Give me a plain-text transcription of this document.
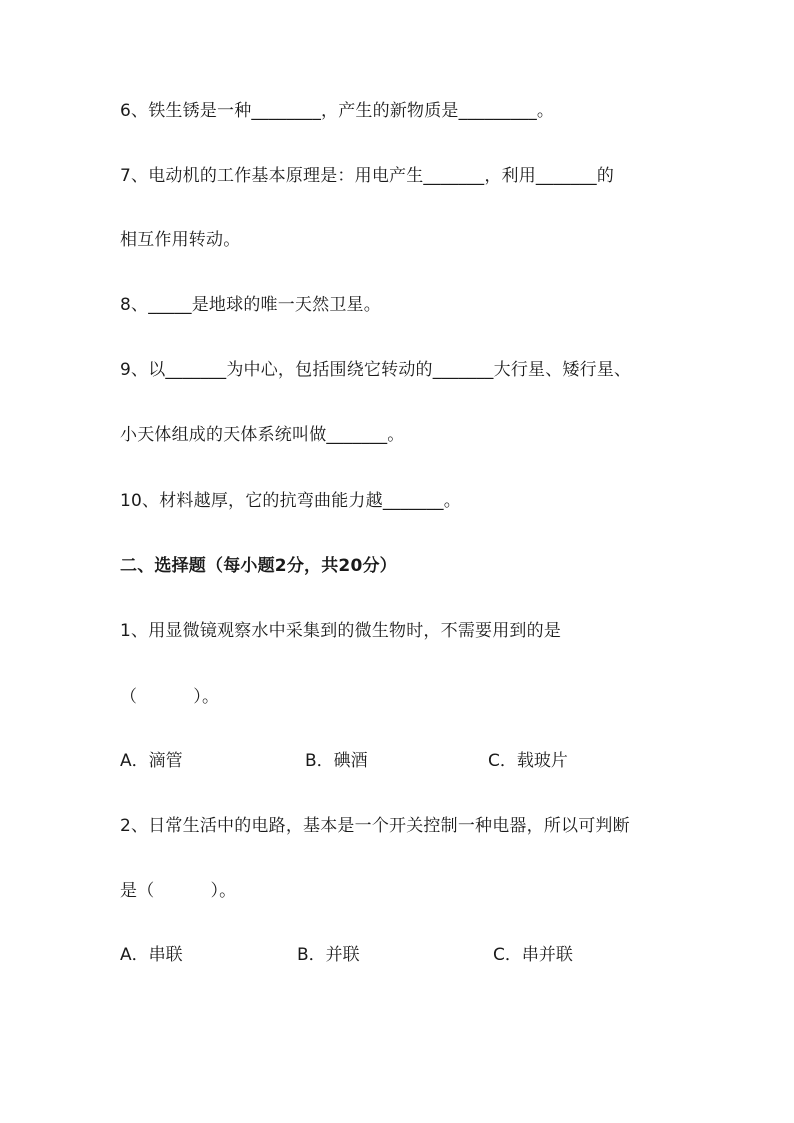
6、铁生锈是一种________，产生的新物质是_________。
7、电动机的工作基本原理是：用电产生_______，利用_______的
相互作用转动。
8、_____是地球的唯一天然卫星。
9、以_______为中心，包括围绕它转动的_______大行星、矮行星、
小天体组成的天体系统叫做_______。
10、材料越厚，它的抗弯曲能力越_______。
二、选择题（每小题2分，共20分）
1、用显微镜观察水中采集到的微生物时，不需要用到的是
（          ）。
A．滴管	B．碘酒	C．载玻片
2、日常生活中的电路，基本是一个开关控制一种电器，所以可判断
是（          ）。
A．串联	B．并联	C．串并联
